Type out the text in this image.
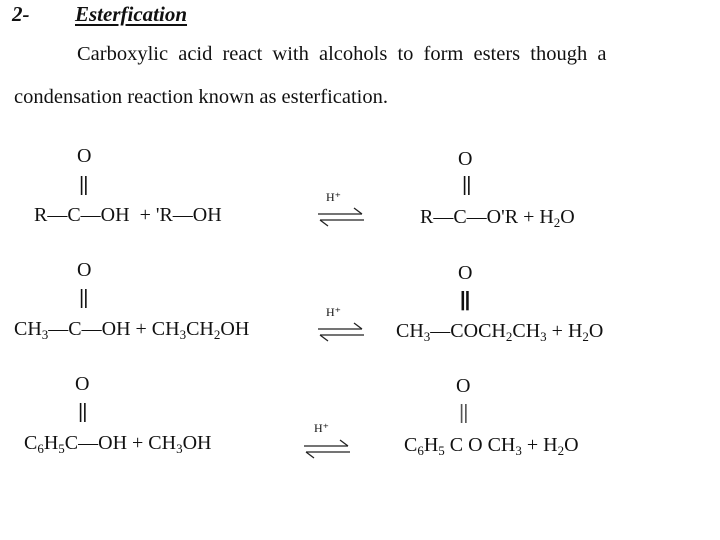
2- Esterfication
Carboxylic acid react with alcohols to form esters though a
condensation reaction known as esterfication.
O
||
R—C—OH  + 'R—OH
H⁺
O
||
R—C—O'R + $H_2O$
O
||
$CH_3—C—OH + CH_3CH_2OH$
H⁺
O
||
$CH_3—COCH_2CH_3 + H_2O$
O
||
$C_6H_5C—OH + CH_3OH$
H⁺
O
||
$C_6H_5$ C O $CH_3 + H_2O$
